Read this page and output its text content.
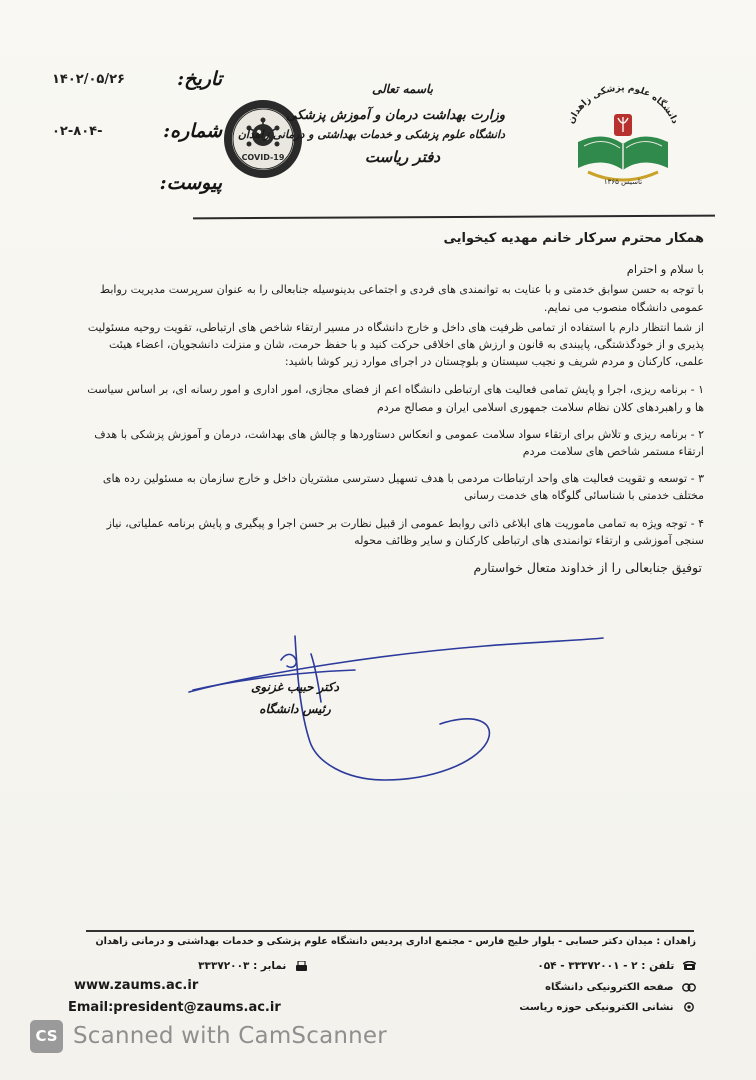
تاریخ:
۱۴۰۲/۰۵/۲۶
شماره:
۰۲-۸۰۴-
پیوست:
COVID-19
باسمه تعالی
وزارت بهداشت درمان و آموزش پزشکی
دانشگاه علوم پزشکی و خدمات بهداشتی و درمانی زاهدان
دفتر ریاست
دانشگاه علوم پزشکی زاهدان
تاسیس ۱۳۶۵
همکار محترم سرکار خانم مهدیه کیخوایی
با سلام و احترام

با توجه به حسن سوابق خدمتی و با عنایت به توانمندی های فردی و اجتماعی بدینوسیله جنابعالی را به عنوان سرپرست مدیریت روابط عمومی دانشگاه منصوب می نمایم.

از شما انتظار دارم با استفاده از تمامی ظرفیت های داخل و خارج دانشگاه در مسیر ارتقاء شاخص های ارتباطی، تقویت روحیه مسئولیت پذیری و از خودگذشتگی، پایبندی به قانون و ارزش های اخلاقی حرکت کنید و با حفظ حرمت، شان و منزلت دانشجویان، اعضاء هیئت علمی، کارکنان و مردم شریف و نجیب سیستان و بلوچستان در اجرای موارد زیر کوشا باشید:

۱ - برنامه ریزی، اجرا و پایش تمامی فعالیت های ارتباطی دانشگاه اعم از فضای مجازی، امور اداری و امور رسانه ای، بر اساس سیاست ها و راهبردهای کلان نظام سلامت جمهوری اسلامی ایران و مصالح مردم

۲ - برنامه ریزی و تلاش برای ارتقاء سواد سلامت عمومی و انعکاس دستاوردها و چالش های بهداشت، درمان و آموزش پزشکی با هدف ارتقاء مستمر شاخص های سلامت مردم

۳ - توسعه و تقویت فعالیت های واحد ارتباطات مردمی با هدف تسهیل دسترسی مشتریان داخل و خارج سازمان به مسئولین رده های مختلف خدمتی با شناسائی گلوگاه های خدمت رسانی

۴ - توجه ویژه به تمامی ماموریت های ابلاغی ذاتی روابط عمومی از قبیل نظارت بر حسن اجرا و پیگیری و پایش برنامه عملیاتی، نیاز سنجی آموزشی و ارتقاء توانمندی های ارتباطی کارکنان و سایر وظائف محوله

توفیق جنابعالی را از خداوند متعال خواستارم
دکتر حبیب غزنوی
رئیس دانشگاه
زاهدان : میدان دکتر حسابی - بلوار خلیج فارس - مجتمع اداری پردیس دانشگاه علوم پزشکی و خدمات بهداشتی و درمانی زاهدان
تلفن : ۲ - ۳۳۳۷۲۰۰۱ - ۰۵۴
نمابر : ۳۳۳۷۲۰۰۳
صفحه الکترونیکی دانشگاه
نشانی الکترونیکی حوزه ریاست
www.zaums.ac.ir
Email:president@zaums.ac.ir
CS Scanned with CamScanner
